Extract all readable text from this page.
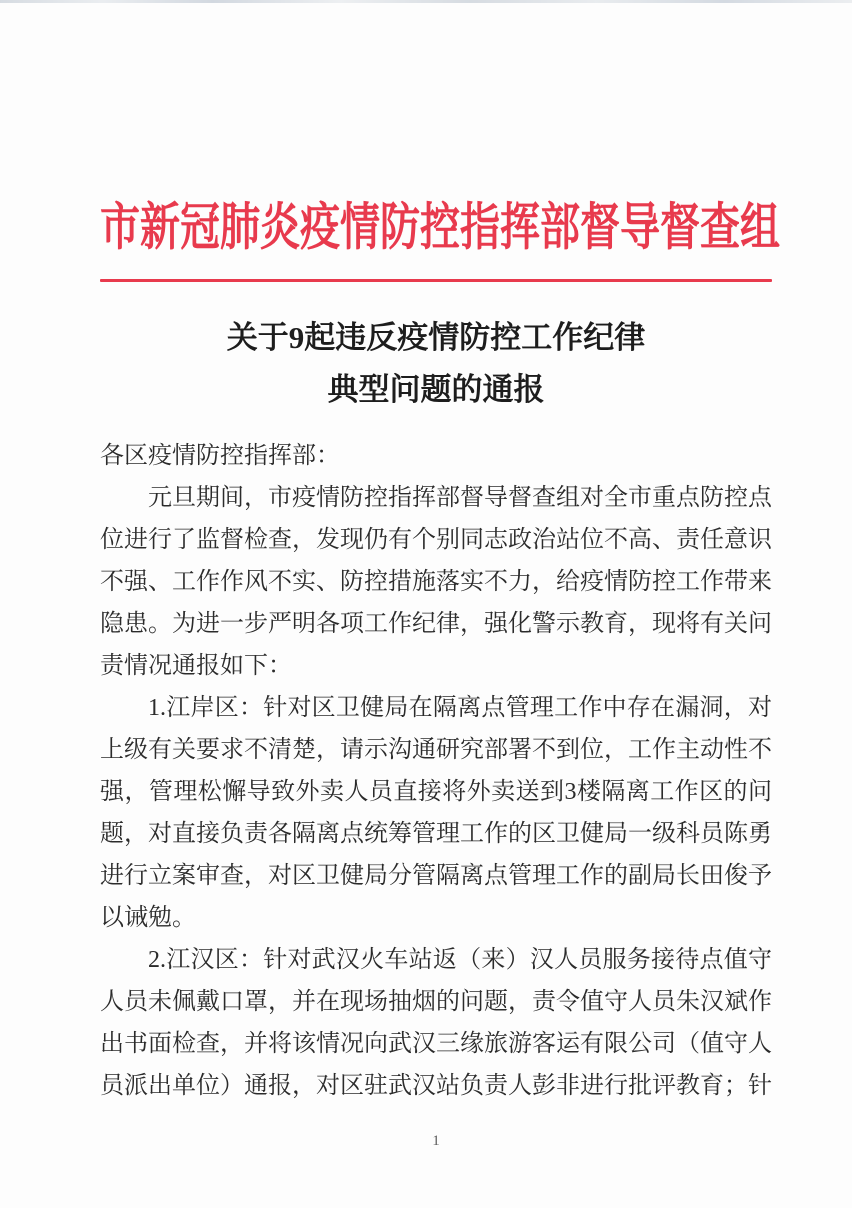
市新冠肺炎疫情防控指挥部督导督查组
关于9起违反疫情防控工作纪律
典型问题的通报

各区疫情防控指挥部：

元旦期间，市疫情防控指挥部督导督查组对全市重点防控点位进行了监督检查，发现仍有个别同志政治站位不高、责任意识不强、工作作风不实、防控措施落实不力，给疫情防控工作带来隐患。为进一步严明各项工作纪律，强化警示教育，现将有关问责情况通报如下：

1.江岸区：针对区卫健局在隔离点管理工作中存在漏洞，对上级有关要求不清楚，请示沟通研究部署不到位，工作主动性不强，管理松懈导致外卖人员直接将外卖送到3楼隔离工作区的问题，对直接负责各隔离点统筹管理工作的区卫健局一级科员陈勇进行立案审查，对区卫健局分管隔离点管理工作的副局长田俊予以诫勉。

2.江汉区：针对武汉火车站返（来）汉人员服务接待点值守人员未佩戴口罩，并在现场抽烟的问题，责令值守人员朱汉斌作出书面检查，并将该情况向武汉三缘旅游客运有限公司（值守人员派出单位）通报，对区驻武汉站负责人彭非进行批评教育；针

1
